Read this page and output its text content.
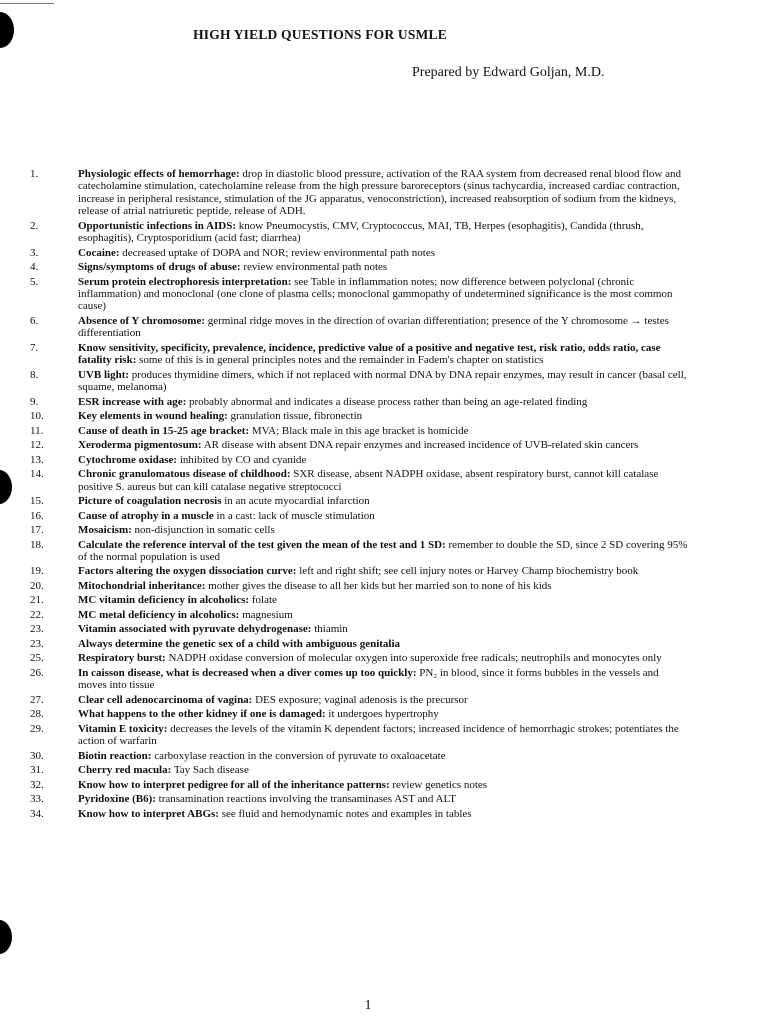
HIGH YIELD QUESTIONS FOR USMLE
Prepared by Edward Goljan, M.D.
1.	Physiologic effects of hemorrhage: drop in diastolic blood pressure, activation of the RAA system from decreased renal blood flow and catecholamine stimulation, catecholamine release from the high pressure baroreceptors (sinus tachycardia, increased cardiac contraction, increase in peripheral resistance, stimulation of the JG apparatus, venoconstriction), increased reabsorption of sodium from the kidneys, release of atrial natriuretic peptide, release of ADH.
2.	Opportunistic infections in AIDS: know Pneumocystis, CMV, Cryptococcus, MAI, TB, Herpes (esophagitis), Candida (thrush, esophagitis), Cryptosporidium (acid fast; diarrhea)
3.	Cocaine: decreased uptake of DOPA and NOR; review environmental path notes
4.	Signs/symptoms of drugs of abuse: review environmental path notes
5.	Serum protein electrophoresis interpretation: see Table in inflammation notes; now difference between polyclonal (chronic inflammation) and monoclonal (one clone of plasma cells; monoclonal gammopathy of undetermined significance is the most common cause)
6.	Absence of Y chromosome: germinal ridge moves in the direction of ovarian differentiation; presence of the Y chromosome → testes differentiation
7.	Know sensitivity, specificity, prevalence, incidence, predictive value of a positive and negative test, risk ratio, odds ratio, case fatality risk: some of this is in general principles notes and the remainder in Fadem's chapter on statistics
8.	UVB light: produces thymidine dimers, which if not replaced with normal DNA by DNA repair enzymes, may result in cancer (basal cell, squame, melanoma)
9.	ESR increase with age: probably abnormal and indicates a disease process rather than being an age-related finding
10.	Key elements in wound healing: granulation tissue, fibronectin
11.	Cause of death in 15-25 age bracket: MVA; Black male in this age bracket is homicide
12.	Xeroderma pigmentosum: AR disease with absent DNA repair enzymes and increased incidence of UVB-related skin cancers
13.	Cytochrome oxidase: inhibited by CO and cyanide
14.	Chronic granulomatous disease of childhood: SXR disease, absent NADPH oxidase, absent respiratory burst, cannot kill catalase positive S. aureus but can kill catalase negative streptococci
15.	Picture of coagulation necrosis in an acute myocardial infarction
16.	Cause of atrophy in a muscle in a cast: lack of muscle stimulation
17.	Mosaicism: non-disjunction in somatic cells
18.	Calculate the reference interval of the test given the mean of the test and 1 SD: remember to double the SD, since 2 SD covering 95% of the normal population is used
19.	Factors altering the oxygen dissociation curve: left and right shift; see cell injury notes or Harvey Champ biochemistry book
20.	Mitochondrial inheritance: mother gives the disease to all her kids but her married son to none of his kids
21.	MC vitamin deficiency in alcoholics: folate
22.	MC metal deficiency in alcoholics: magnesium
23.	Vitamin associated with pyruvate dehydrogenase: thiamin
23.	Always determine the genetic sex of a child with ambiguous genitalia
25.	Respiratory burst: NADPH oxidase conversion of molecular oxygen into superoxide free radicals; neutrophils and monocytes only
26.	In caisson disease, what is decreased when a diver comes up too quickly: PN₂ in blood, since it forms bubbles in the vessels and moves into tissue
27.	Clear cell adenocarcinoma of vagina: DES exposure; vaginal adenosis is the precursor
28.	What happens to the other kidney if one is damaged: it undergoes hypertrophy
29.	Vitamin E toxicity: decreases the levels of the vitamin K dependent factors; increased incidence of hemorrhagic strokes; potentiates the action of warfarin
30.	Biotin reaction: carboxylase reaction in the conversion of pyruvate to oxaloacetate
31.	Cherry red macula: Tay Sach disease
32.	Know how to interpret pedigree for all of the inheritance patterns: review genetics notes
33.	Pyridoxine (B6): transamination reactions involving the transaminases AST and ALT
34.	Know how to interpret ABGs: see fluid and hemodynamic notes and examples in tables
1
